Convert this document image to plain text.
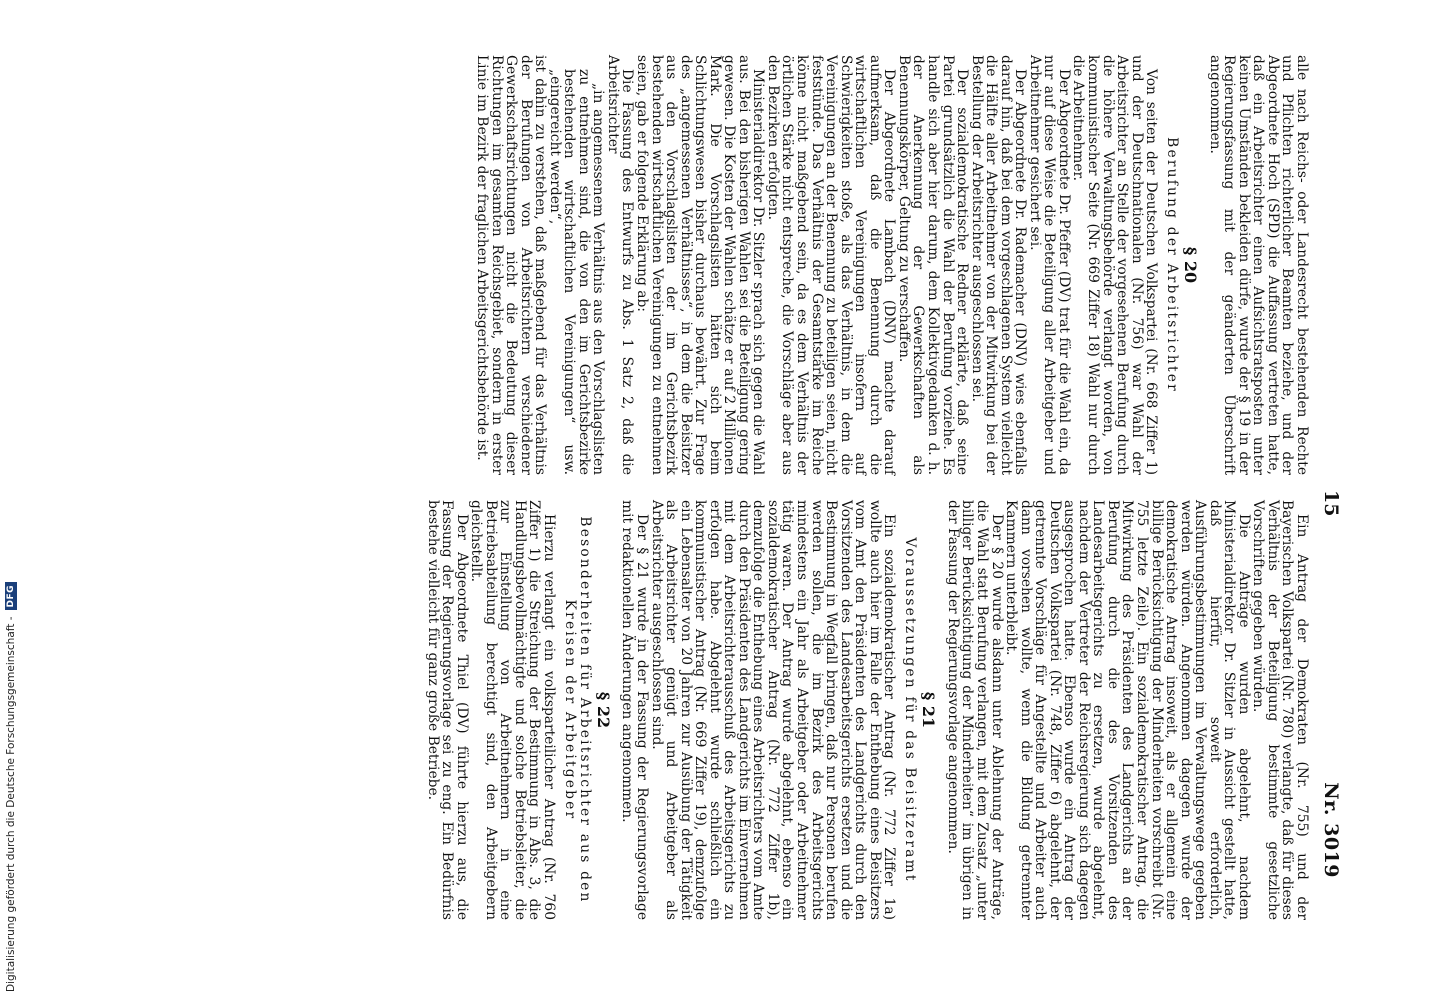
15
Nr. 3019

alle nach Reichs- oder Landesrecht bestehenden Rechte und Pflichten richterlicher Beamten beziehe, und der Abgeordnete Hoch (SPD) die Auffassung vertreten hatte, daß ein Arbeitsrichter einen Aufsichtsratsposten unter keinen Umständen bekleiden dürfe, wurde der § 19 in der Regierungsfassung mit der geänderten Überschrift angenommen.

§ 20
Berufung der Arbeitsrichter

Von seiten der Deutschen Volkspartei (Nr. 668 Ziffer 1) und der Deutschnationalen (Nr. 756) war Wahl der Arbeitsrichter an Stelle der vorgesehenen Berufung durch die höhere Verwaltungsbehörde verlangt worden, von kommunistischer Seite (Nr. 669 Ziffer 18) Wahl nur durch die Arbeitnehmer.

Der Abgeordnete Dr. Pfeffer (DV) trat für die Wahl ein, da nur auf diese Weise die Beteiligung aller Arbeitgeber und Arbeitnehmer gesichert sei.

Der Abgeordnete Dr. Rademacher (DNV) wies ebenfalls darauf hin, daß bei dem vorgeschlagenen System vielleicht die Hälfte aller Arbeitnehmer von der Mitwirkung bei der Bestellung der Arbeitsrichter ausgeschlossen sei.

Der sozialdemokratische Redner erklärte, daß seine Partei grundsätzlich die Wahl der Berufung vorziehe. Es handle sich aber hier darum, dem Kollektivgedanken d. h. der Anerkennung der Gewerkschaften als Benennungskörper, Geltung zu verschaffen.

Der Abgeordnete Lambach (DNV) machte darauf aufmerksam, daß die Benennung durch die wirtschaftlichen Vereinigungen insofern auf Schwierigkeiten stoße, als das Verhältnis, in dem die Vereinigungen an der Benennung zu beteiligen seien, nicht feststünde. Das Verhältnis der Gesamtstärke im Reiche könne nicht maßgebend sein, da es dem Verhältnis der örtlichen Stärke nicht entspreche, die Vorschläge aber aus den Bezirken erfolgten.

Ministerialdirektor Dr. Sitzler sprach sich gegen die Wahl aus. Bei den bisherigen Wahlen sei die Beteiligung gering gewesen. Die Kosten der Wahlen schätze er auf 2 Millionen Mark. Die Vorschlagslisten hätten sich beim Schlichtungswesen bisher durchaus bewährt. Zur Frage des „angemessenen Verhältnisses“, in dem die Beisitzer aus den Vorschlagslisten der im Gerichtsbezirk bestehenden wirtschaftlichen Vereinigungen zu entnehmen seien, gab er folgende Erklärung ab:

Die Fassung des Entwurfs zu Abs. 1 Satz 2, daß die Arbeitsrichter

„in angemessenem Verhältnis aus den Vorschlagslisten zu entnehmen sind, die von den im Gerichtsbezirke bestehenden wirtschaftlichen Vereinigungen“ usw. „eingereicht werden“,

ist dahin zu verstehen, daß maßgebend für das Verhältnis der Berufungen von Arbeitsrichtern verschiedener Gewerkschaftsrichtungen nicht die Bedeutung dieser Richtungen im gesamten Reichsgebiet, sondern in erster Linie im Bezirk der fraglichen Arbeitsgerichtsbehörde ist.

Ein Antrag der Demokraten (Nr. 755) und der Bayerischen Volkspartei (Nr. 780) verlangte, daß für dieses Verhältnis der Beteiligung bestimmte gesetzliche Vorschriften gegeben würden.

Die Anträge wurden abgelehnt, nachdem Ministerialdirektor Dr. Sitzler in Aussicht gestellt hatte, daß hierfür, soweit erforderlich, Ausführungsbestimmungen im Verwaltungswege gegeben werden würden. Angenommen dagegen wurde der demokratische Antrag insoweit, als er allgemein eine billige Berücksichtigung der Minderheiten vorschreibt (Nr. 755 letzte Zeile). Ein sozialdemokratischer Antrag, die Mitwirkung des Präsidenten des Landgerichts an der Berufung durch die des Vorsitzenden des Landesarbeitsgerichts zu ersetzen, wurde abgelehnt, nachdem der Vertreter der Reichsregierung sich dagegen ausgesprochen hatte. Ebenso wurde ein Antrag der Deutschen Volkspartei (Nr. 748, Ziffer 6) abgelehnt, der getrennte Vorschläge für Angestellte und Arbeiter auch dann vorsehen wollte, wenn die Bildung getrennter Kammern unterbleibt.

Der § 20 wurde alsdann unter Ablehnung der Anträge, die Wahl statt Berufung verlangen, mit dem Zusatz „unter billiger Berücksichtigung der Minderheiten“ im übrigen in der Fassung der Regierungsvorlage angenommen.

§ 21
Voraussetzungen für das Beisitzeramt

Ein sozialdemokratischer Antrag (Nr. 772 Ziffer 1a) wollte auch hier im Falle der Enthebung eines Beisitzers vom Amt den Präsidenten des Landgerichts durch den Vorsitzenden des Landesarbeitsgerichts ersetzen und die Bestimmung in Wegfall bringen, daß nur Personen berufen werden sollen, die im Bezirk des Arbeitsgerichts mindestens ein Jahr als Arbeitgeber oder Arbeitnehmer tätig waren. Der Antrag wurde abgelehnt, ebenso ein sozialdemokratischer Antrag (Nr. 772 Ziffer 1b), demzufolge die Enthebung eines Arbeitsrichters vom Amte durch den Präsidenten des Landgerichts im Einvernehmen mit dem Arbeitsrichterausschuß des Arbeitsgerichts zu erfolgen habe. Abgelehnt wurde schließlich ein kommunistischer Antrag (Nr. 669 Ziffer 19), demzufolge ein Lebensalter von 20 Jahren zur Ausübung der Tätigkeit als Arbeitsrichter genügt und Arbeitgeber als Arbeitsrichter ausgeschlossen sind.

Der § 21 wurde in der Fassung der Regierungsvorlage mit redaktionellen Änderungen angenommen.

§ 22
Besonderheiten für Arbeitsrichter aus den Kreisen der Arbeitgeber

Hierzu verlangt ein volksparteilicher Antrag (Nr. 760 Ziffer 1) die Streichung der Bestimmung in Abs. 3, die Handlungsbevollmächtigte und solche Betriebsleiter, die zur Einstellung von Arbeitnehmern in eine Betriebsabteilung berechtigt sind, den Arbeitgebern gleichstellt.

Der Abgeordnete Thiel (DV) führte hierzu aus, die Fassung der Regierungsvorlage sei zu eng. Ein Bedürfnis bestehe vielleicht für ganz große Betriebe.

Digitalisierung gefördert durch die Deutsche Forschungsgemeinschaft -
DFG
